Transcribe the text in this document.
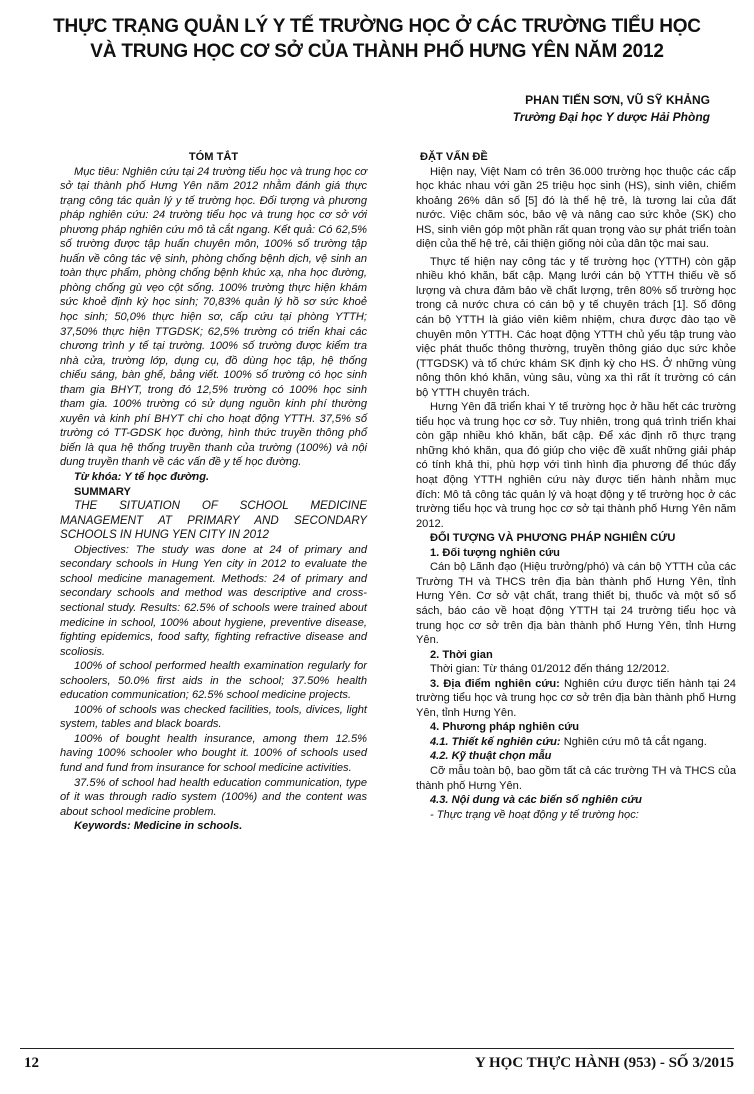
THỰC TRẠNG QUẢN LÝ Y TẾ TRƯỜNG HỌC Ở CÁC TRƯỜNG TIỂU HỌC
VÀ TRUNG HỌC CƠ SỞ CỦA THÀNH PHỐ HƯNG YÊN NĂM 2012
PHAN TIẾN SƠN, VŨ SỸ KHẢNG
Trường Đại học Y dược Hải Phòng

TÓM TẮT

Mục tiêu: Nghiên cứu tại 24 trường tiểu học và trung học cơ sở tại thành phố Hưng Yên năm 2012 nhằm đánh giá thực trạng công tác quản lý y tế trường học. Đối tượng và phương pháp nghiên cứu: 24 trường tiểu học và trung học cơ sở với phương pháp nghiên cứu mô tả cắt ngang. Kết quả: Có 62,5% số trường được tập huấn chuyên môn, 100% số trường tập huấn về công tác vệ sinh, phòng chống bệnh dịch, vệ sinh an toàn thực phẩm, phòng chống bệnh khúc xạ, nha học đường, phòng chống gù vẹo cột sống. 100% trường thực hiện khám sức khoẻ định kỳ học sinh; 70,83% quản lý hồ sơ sức khoẻ học sinh; 50,0% thực hiện sơ, cấp cứu tại phòng YTTH; 37,50% thực hiện TTGDSK; 62,5% trường có triển khai các chương trình y tế tại trường. 100% số trường được kiểm tra nhà cửa, trường lớp, dụng cụ, đồ dùng học tập, hệ thống chiếu sáng, bàn ghế, bảng viết. 100% số trường có học sinh tham gia BHYT, trong đó 12,5% trường có 100% học sinh tham gia. 100% trường có sử dụng nguồn kinh phí thường xuyên và kinh phí BHYT chi cho hoạt động YTTH. 37,5% số trường có TT-GDSK học đường, hình thức truyền thông phổ biến là qua hệ thống truyền thanh của trường (100%) và nội dung truyền thanh về các vấn đề y tế học đường.

Từ khóa: Y tế học đường.

SUMMARY

THE SITUATION OF SCHOOL MEDICINE MANAGEMENT AT PRIMARY AND SECONDARY SCHOOLS IN HUNG YEN CITY IN 2012

Objectives: The study was done at 24 of primary and secondary schools in Hung Yen city in 2012 to evaluate the school medicine management. Methods: 24 of primary and secondary schools and method was descriptive and cross-sectional study. Results: 62.5% of schools were trained about medicine in school, 100% about hygiene, preventive disease, fighting epidemics, food safty, fighting refractive disease and scoliosis.

100% of school performed health examination regularly for schoolers, 50.0% first aids in the school; 37.50% health education communication; 62.5% school medicine projects.

100% of schools was checked facilities, tools, divices, light system, tables and black boards.

100% of bought health insurance, among them 12.5% having 100% schooler who bought it. 100% of schools used fund and fund from insurance for school medicine activities.

37.5% of school had health education communication, type of it was through radio system (100%) and the content was about school medicine problem.

Keywords: Medicine in schools.

ĐẶT VẤN ĐỀ

Hiện nay, Việt Nam có trên 36.000 trường học thuộc các cấp học khác nhau với gần 25 triệu học sinh (HS), sinh viên, chiếm khoảng 26% dân số [5] đó là thế hệ trẻ, là tương lai của đất nước. Việc chăm sóc, bảo vệ và nâng cao sức khỏe (SK) cho HS, sinh viên góp một phần rất quan trọng vào sự phát triển toàn diện của thế hệ trẻ, cải thiện giống nòi của dân tộc mai sau.

Thực tế hiện nay công tác y tế trường học (YTTH) còn gặp nhiều khó khăn, bất cập. Mạng lưới cán bộ YTTH thiếu về số lượng và chưa đảm bảo về chất lượng, trên 80% số trường học trong cả nước chưa có cán bộ y tế chuyên trách [1]. Số đông cán bộ YTTH là giáo viên kiêm nhiệm, chưa được đào tạo về chuyên môn YTTH. Các hoạt động YTTH chủ yếu tập trung vào việc phát thuốc thông thường, truyền thông giáo dục sức khỏe (TTGDSK) và tổ chức khám SK định kỳ cho HS. Ở những vùng nông thôn khó khăn, vùng sâu, vùng xa thì rất ít trường có cán bộ YTTH chuyên trách.

Hưng Yên đã triển khai Y tế trường học ở hầu hết các trường tiểu học và trung học cơ sở. Tuy nhiên, trong quá trình triển khai còn gặp nhiều khó khăn, bất cập. Để xác định rõ thực trạng những khó khăn, qua đó giúp cho việc đề xuất những giải pháp có tính khả thi, phù hợp với tình hình địa phương để thúc đẩy hoạt động YTTH nghiên cứu này được tiến hành nhằm mục đích: Mô tả công tác quản lý và hoạt động y tế trường học ở các trường tiểu học và trung học cơ sở tại thành phố Hưng Yên năm 2012.

ĐỐI TƯỢNG VÀ PHƯƠNG PHÁP NGHIÊN CỨU

1. Đối tượng nghiên cứu

Cán bộ Lãnh đạo (Hiệu trưởng/phó) và cán bộ YTTH của các Trường TH và THCS trên địa bàn thành phố Hưng Yên, tỉnh Hưng Yên. Cơ sở vật chất, trang thiết bị, thuốc và một số sổ sách, báo cáo về hoạt động YTTH tại 24 trường tiểu học và trung học cơ sở trên địa bàn thành phố Hưng Yên, tỉnh Hưng Yên.

2. Thời gian

Thời gian: Từ tháng 01/2012 đến tháng 12/2012.

3. Địa điểm nghiên cứu: Nghiên cứu được tiến hành tại 24 trường tiểu học và trung học cơ sở trên địa bàn thành phố Hưng Yên, tỉnh Hưng Yên.

4. Phương pháp nghiên cứu

4.1. Thiết kế nghiên cứu: Nghiên cứu mô tả cắt ngang.

4.2. Kỹ thuật chọn mẫu

Cỡ mẫu toàn bộ, bao gồm tất cả các trường TH và THCS của thành phố Hưng Yên.

4.3. Nội dung và các biến số nghiên cứu

- Thực trạng về hoạt động y tế trường học:

12	Y HỌC THỰC HÀNH (953) - SỐ 3/2015
